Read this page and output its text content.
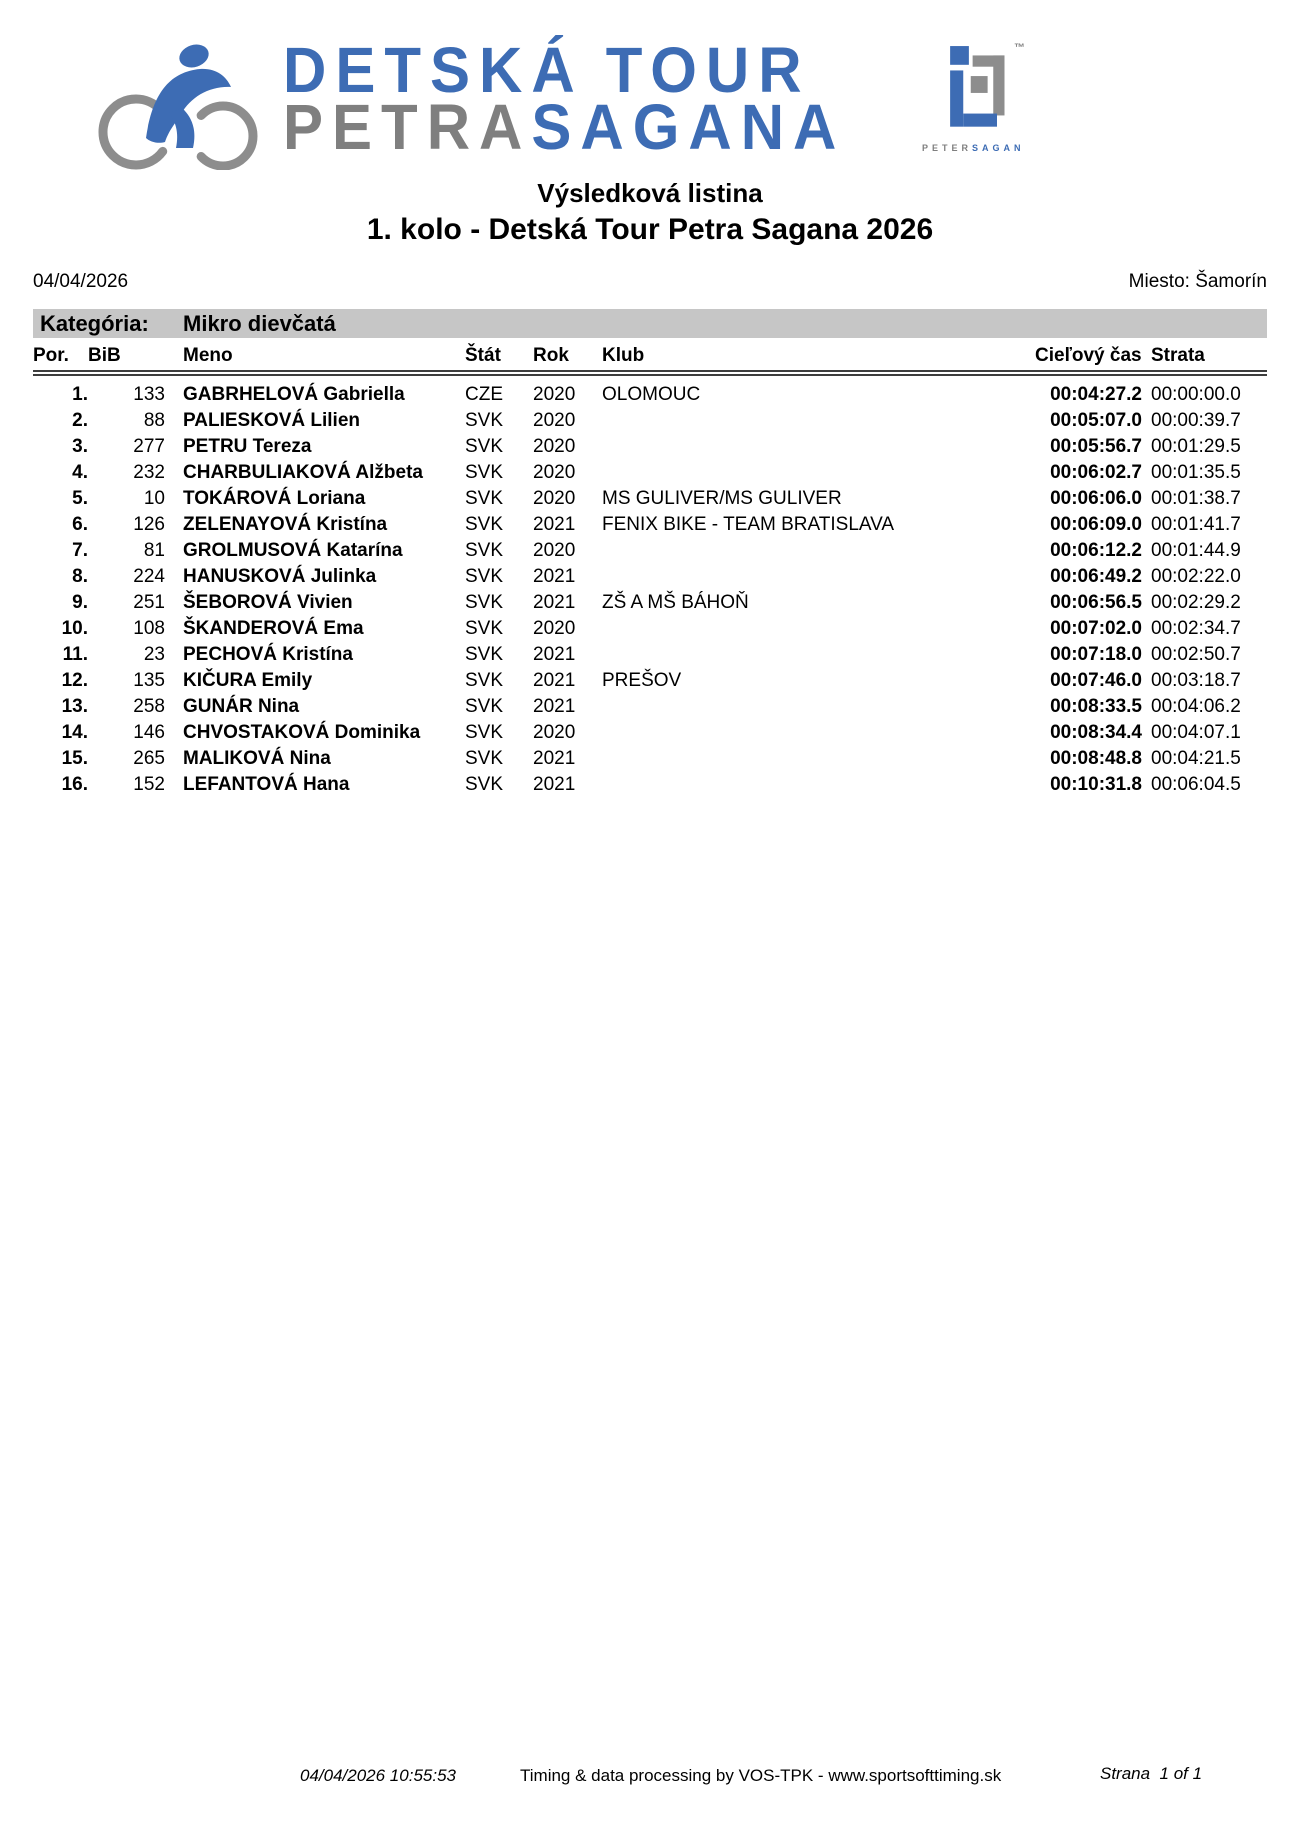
DETSKÁ TOUR
PETRASAGANA
™
PETERSAGAN
Výsledková listina
1. kolo - Detská Tour Petra Sagana 2026
04/04/2026	Miesto: Šamorín
Kategória: Mikro dievčatá
Por.	BiB	Meno	Štát	Rok	Klub	Cieľový čas	Strata
1.	133	GABRHELOVÁ Gabriella	CZE	2020	OLOMOUC	00:04:27.2	00:00:00.0
2.	88	PALIESKOVÁ Lilien	SVK	2020		00:05:07.0	00:00:39.7
3.	277	PETRU Tereza	SVK	2020		00:05:56.7	00:01:29.5
4.	232	CHARBULIAKOVÁ Alžbeta	SVK	2020		00:06:02.7	00:01:35.5
5.	10	TOKÁROVÁ Loriana	SVK	2020	MS GULIVER/MS GULIVER	00:06:06.0	00:01:38.7
6.	126	ZELENAYOVÁ Kristína	SVK	2021	FENIX BIKE - TEAM BRATISLAVA	00:06:09.0	00:01:41.7
7.	81	GROLMUSOVÁ Katarína	SVK	2020		00:06:12.2	00:01:44.9
8.	224	HANUSKOVÁ Julinka	SVK	2021		00:06:49.2	00:02:22.0
9.	251	ŠEBOROVÁ Vivien	SVK	2021	ZŠ A MŠ BÁHOŇ	00:06:56.5	00:02:29.2
10.	108	ŠKANDEROVÁ Ema	SVK	2020		00:07:02.0	00:02:34.7
11.	23	PECHOVÁ Kristína	SVK	2021		00:07:18.0	00:02:50.7
12.	135	KIČURA Emily	SVK	2021	PREŠOV	00:07:46.0	00:03:18.7
13.	258	GUNÁR Nina	SVK	2021		00:08:33.5	00:04:06.2
14.	146	CHVOSTAKOVÁ Dominika	SVK	2020		00:08:34.4	00:04:07.1
15.	265	MALIKOVÁ Nina	SVK	2021		00:08:48.8	00:04:21.5
16.	152	LEFANTOVÁ Hana	SVK	2021		00:10:31.8	00:06:04.5
04/04/2026 10:55:53	Timing & data processing by VOS-TPK - www.sportsofttiming.sk	Strana  1 of 1
